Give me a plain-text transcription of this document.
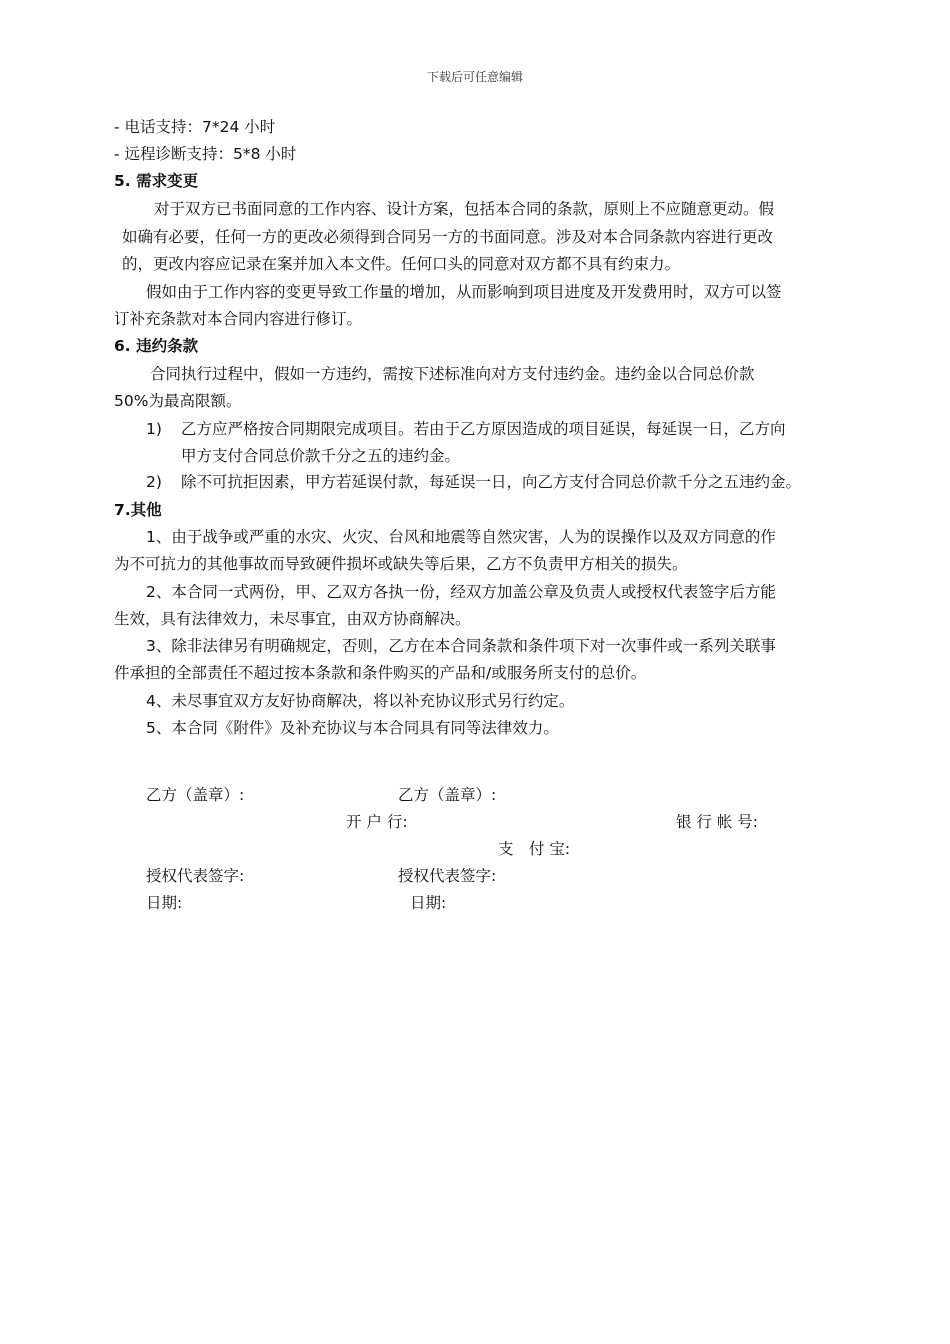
下载后可任意编辑
- 电话支持：7*24 小时
- 远程诊断支持：5*8 小时
5. 需求变更
对于双方已书面同意的工作内容、设计方案，包括本合同的条款，原则上不应随意更动。假
如确有必要，任何一方的更改必须得到合同另一方的书面同意。涉及对本合同条款内容进行更改
的，更改内容应记录在案并加入本文件。任何口头的同意对双方都不具有约束力。
假如由于工作内容的变更导致工作量的增加，从而影响到项目进度及开发费用时，双方可以签
订补充条款对本合同内容进行修订。
6. 违约条款
合同执行过程中，假如一方违约，需按下述标准向对方支付违约金。违约金以合同总价款
50%为最高限额。
1) 乙方应严格按合同期限完成项目。若由于乙方原因造成的项目延误，每延误一日，乙方向
甲方支付合同总价款千分之五的违约金。
2) 除不可抗拒因素，甲方若延误付款，每延误一日，向乙方支付合同总价款千分之五违约金。
7.其他
1、由于战争或严重的水灾、火灾、台风和地震等自然灾害，人为的误操作以及双方同意的作
为不可抗力的其他事故而导致硬件损坏或缺失等后果，乙方不负责甲方相关的损失。
2、本合同一式两份，甲、乙双方各执一份，经双方加盖公章及负责人或授权代表签字后方能
生效，具有法律效力，未尽事宜，由双方协商解决。
3、除非法律另有明确规定，否则，乙方在本合同条款和条件项下对一次事件或一系列关联事
件承担的全部责任不超过按本条款和条件购买的产品和/或服务所支付的总价。
4、未尽事宜双方友好协商解决，将以补充协议形式另行约定。
5、本合同《附件》及补充协议与本合同具有同等法律效力。
乙方（盖章）:	乙方（盖章）:
开 户 行:	银 行 帐 号:
支　付 宝:
授权代表签字:	授权代表签字:
日期:	日期:
